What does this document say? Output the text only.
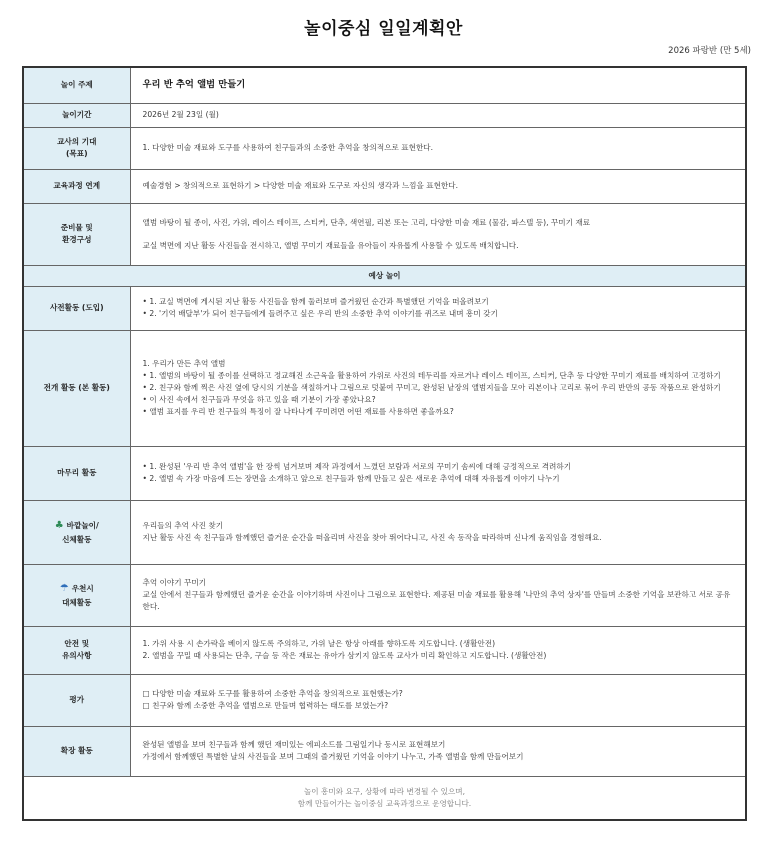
놀이중심 일일계획안
2026 파랑반 (만 5세)
놀이 주제	우리 반 추억 앨범 만들기
놀이기간	2026년 2월 23일 (월)

교사의 기대
(목표)	1. 다양한 미술 재료와 도구를 사용하여 친구들과의 소중한 추억을 창의적으로 표현한다.
교육과정 연계	예술경험 > 창의적으로 표현하기 > 다양한 미술 재료와 도구로 자신의 생각과 느낌을 표현한다.

준비물 및
환경구성	앨범 바탕이 될 종이, 사진, 가위, 레이스 테이프, 스티커, 단추, 색연필, 리본 또는 고리, 다양한 미술 재료 (물감, 파스텔 등), 꾸미기 재료
교실 벽면에 지난 활동 사진들을 전시하고, 앨범 꾸미기 재료들을 유아들이 자유롭게 사용할 수 있도록 배치합니다.

예상 놀이	
사전활동 (도입)	• 1. 교실 벽면에 게시된 지난 활동 사진들을 함께 둘러보며 즐거웠던 순간과 특별했던 기억을 떠올려보기
• 2. '기억 배달부'가 되어 친구들에게 들려주고 싶은 우리 반의 소중한 추억 이야기를 퀴즈로 내며 흥미 갖기

전개 활동 (본 활동)	1. 우리가 만든 추억 앨범
• 1. 앨범의 바탕이 될 종이를 선택하고 정교해진 소근육을 활용하여 가위로 사진의 테두리를 자르거나 레이스 테이프, 스티커, 단추 등 다양한 꾸미기 재료를 배치하여 고정하기
• 2. 친구와 함께 찍은 사진 옆에 당시의 기분을 색칠하거나 그림으로 덧붙여 꾸미고, 완성된 낱장의 앨범지들을 모아 리본이나 고리로 묶어 우리 반만의 공동 작품으로 완성하기
• 이 사진 속에서 친구들과 무엇을 하고 있을 때 기분이 가장 좋았나요?
• 앨범 표지를 우리 반 친구들의 특징이 잘 나타나게 꾸미려면 어떤 재료를 사용하면 좋을까요?

마무리 활동	• 1. 완성된 '우리 반 추억 앨범'을 한 장씩 넘겨보며 제작 과정에서 느꼈던 보람과 서로의 꾸미기 솜씨에 대해 긍정적으로 격려하기
• 2. 앨범 속 가장 마음에 드는 장면을 소개하고 앞으로 친구들과 함께 만들고 싶은 새로운 추억에 대해 자유롭게 이야기 나누기

♣ 바깥놀이/
신체활동	우리들의 추억 사진 찾기
지난 활동 사진 속 친구들과 함께했던 즐거운 순간을 떠올리며 사진을 찾아 뛰어다니고, 사진 속 동작을 따라하며 신나게 움직임을 경험해요.

☂ 우천시
대체활동	추억 이야기 꾸미기
교실 안에서 친구들과 함께했던 즐거운 순간을 이야기하며 사진이나 그림으로 표현한다. 제공된 미술 재료를 활용해 '나만의 추억 상자'를 만들며 소중한 기억을 보관하고 서로 공유한다.

안전 및
유의사항	1. 가위 사용 시 손가락을 베이지 않도록 주의하고, 가위 날은 항상 아래를 향하도록 지도합니다. (생활안전)
2. 앨범을 꾸밀 때 사용되는 단추, 구슬 등 작은 재료는 유아가 삼키지 않도록 교사가 미리 확인하고 지도합니다. (생활안전)

평가	□ 다양한 미술 재료와 도구를 활용하여 소중한 추억을 창의적으로 표현했는가?
□ 친구와 함께 소중한 추억을 앨범으로 만들며 협력하는 태도를 보였는가?

확장 활동	완성된 앨범을 보며 친구들과 함께 했던 재미있는 에피소드를 그림일기나 동시로 표현해보기
가정에서 함께했던 특별한 날의 사진들을 보며 그때의 즐거웠던 기억을 이야기 나누고, 가족 앨범을 함께 만들어보기

놀이 흥미와 요구, 상황에 따라 변경될 수 있으며,
함께 만들어가는 놀이중심 교육과정으로 운영합니다.	
